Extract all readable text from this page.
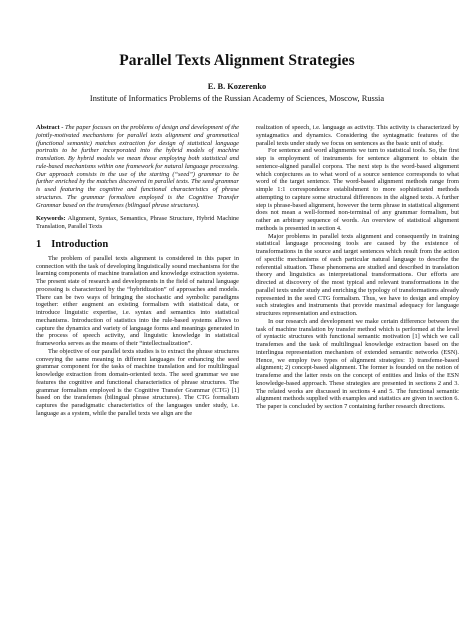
Parallel Texts Alignment Strategies
E. B. Kozerenko
Institute of Informatics Problems of the Russian Academy of Sciences, Moscow, Russia

Abstract - The paper focuses on the problems of design and development of the jointly-motivated mechanisms for parallel texts alignment and grammatical (functional semantic) matches extraction for design of statistical language portraits to be further incorporated into the hybrid models of machine translation. By hybrid models we mean those employing both statistical and rule-based mechanisms within one framework for natural language processing. Our approach consists in the use of the starting (“seed”) grammar to be further enriched by the matches discovered in parallel texts. The seed grammar is used featuring the cognitive and functional characteristics of phrase structures. The grammar formalism employed is the Cognitive Transfer Grammar based on the transfemes (bilingual phrase structures).

Keywords: Alignment, Syntax, Semantics, Phrase Structure, Hybrid Machine Translation, Parallel Texts

1 Introduction

The problem of parallel texts alignment is considered in this paper in connection with the task of developing linguistically sound mechanisms for the learning components of machine translation and knowledge extraction systems. The present state of research and developments in the field of natural language processing is characterized by the “hybridization” of approaches and models. There can be two ways of bringing the stochastic and symbolic paradigms together: either augment an existing formalism with statistical data, or introduce linguistic expertise, i.e. syntax and semantics into statistical mechanisms. Introduction of statistics into the rule-based systems allows to capture the dynamics and variety of language forms and meanings generated in the process of speech activity, and linguistic knowledge in statistical frameworks serves as the means of their “intellectualization”.

The objective of our parallel texts studies is to extract the phrase structures conveying the same meaning in different languages for enhancing the seed grammar component for the tasks of machine translation and for multilingual knowledge extraction from domain-oriented texts. The seed grammar we use features the cognitive and functional characteristics of phrase structures. The grammar formalism employed is the Cognitive Transfer Grammar (CTG) [1] based on the transfemes (bilingual phrase structures). The CTG formalism captures the paradigmatic characteristics of the languages under study, i.e. language as a system, while the parallel texts we align are the

realization of speech, i.e. language as activity. This activity is characterized by syntagmatics and dynamics. Considering the syntagmatic features of the parallel texts under study we focus on sentences as the basic unit of study.

For sentence and word alignments we turn to statistical tools. So, the first step is employment of instruments for sentence alignment to obtain the sentence-aligned parallel corpora. The next step is the word-based alignment which conjectures as to what word of a source sentence corresponds to what word of the target sentence. The word-based alignment methods range from simple 1:1 correspondence establishment to more sophisticated methods attempting to capture some structural differences in the aligned texts. A further step is phrase-based alignment, however the term phrase in statistical alignment does not mean a well-formed non-terminal of any grammar formalism, but rather an arbitrary sequence of words. An overview of statistical alignment methods is presented in section 4.

Major problems in parallel texts alignment and consequently in training statistical language processing tools are caused by the existence of transformations in the source and target sentences which result from the action of specific mechanisms of each particular natural language to describe the referential situation. These phenomena are studied and described in translation theory and linguistics as interpretational transformations. Our efforts are directed at discovery of the most typical and relevant transformations in the parallel texts under study and enriching the typology of transformations already represented in the seed CTG formalism. Thus, we have to design and employ such strategies and instruments that provide maximal adequacy for language structures representation and extraction.

In our research and development we make certain difference between the task of machine translation by transfer method which is performed at the level of syntactic structures with functional semantic motivation [1] which we call transfemes and the task of multilingual knowledge extraction based on the interlingua representation mechanism of extended semantic networks (ESN). Hence, we employ two types of alignment strategies: 1) transfeme-based alignment; 2) concept-based alignment. The former is founded on the notion of transfeme and the latter rests on the concept of entities and links of the ESN knowledge-based approach. These strategies are presented in sections 2 and 3. The related works are discussed in sections 4 and 5. The functional semantic alignment methods supplied with examples and statistics are given in section 6. The paper is concluded by section 7 containing further research directions.
